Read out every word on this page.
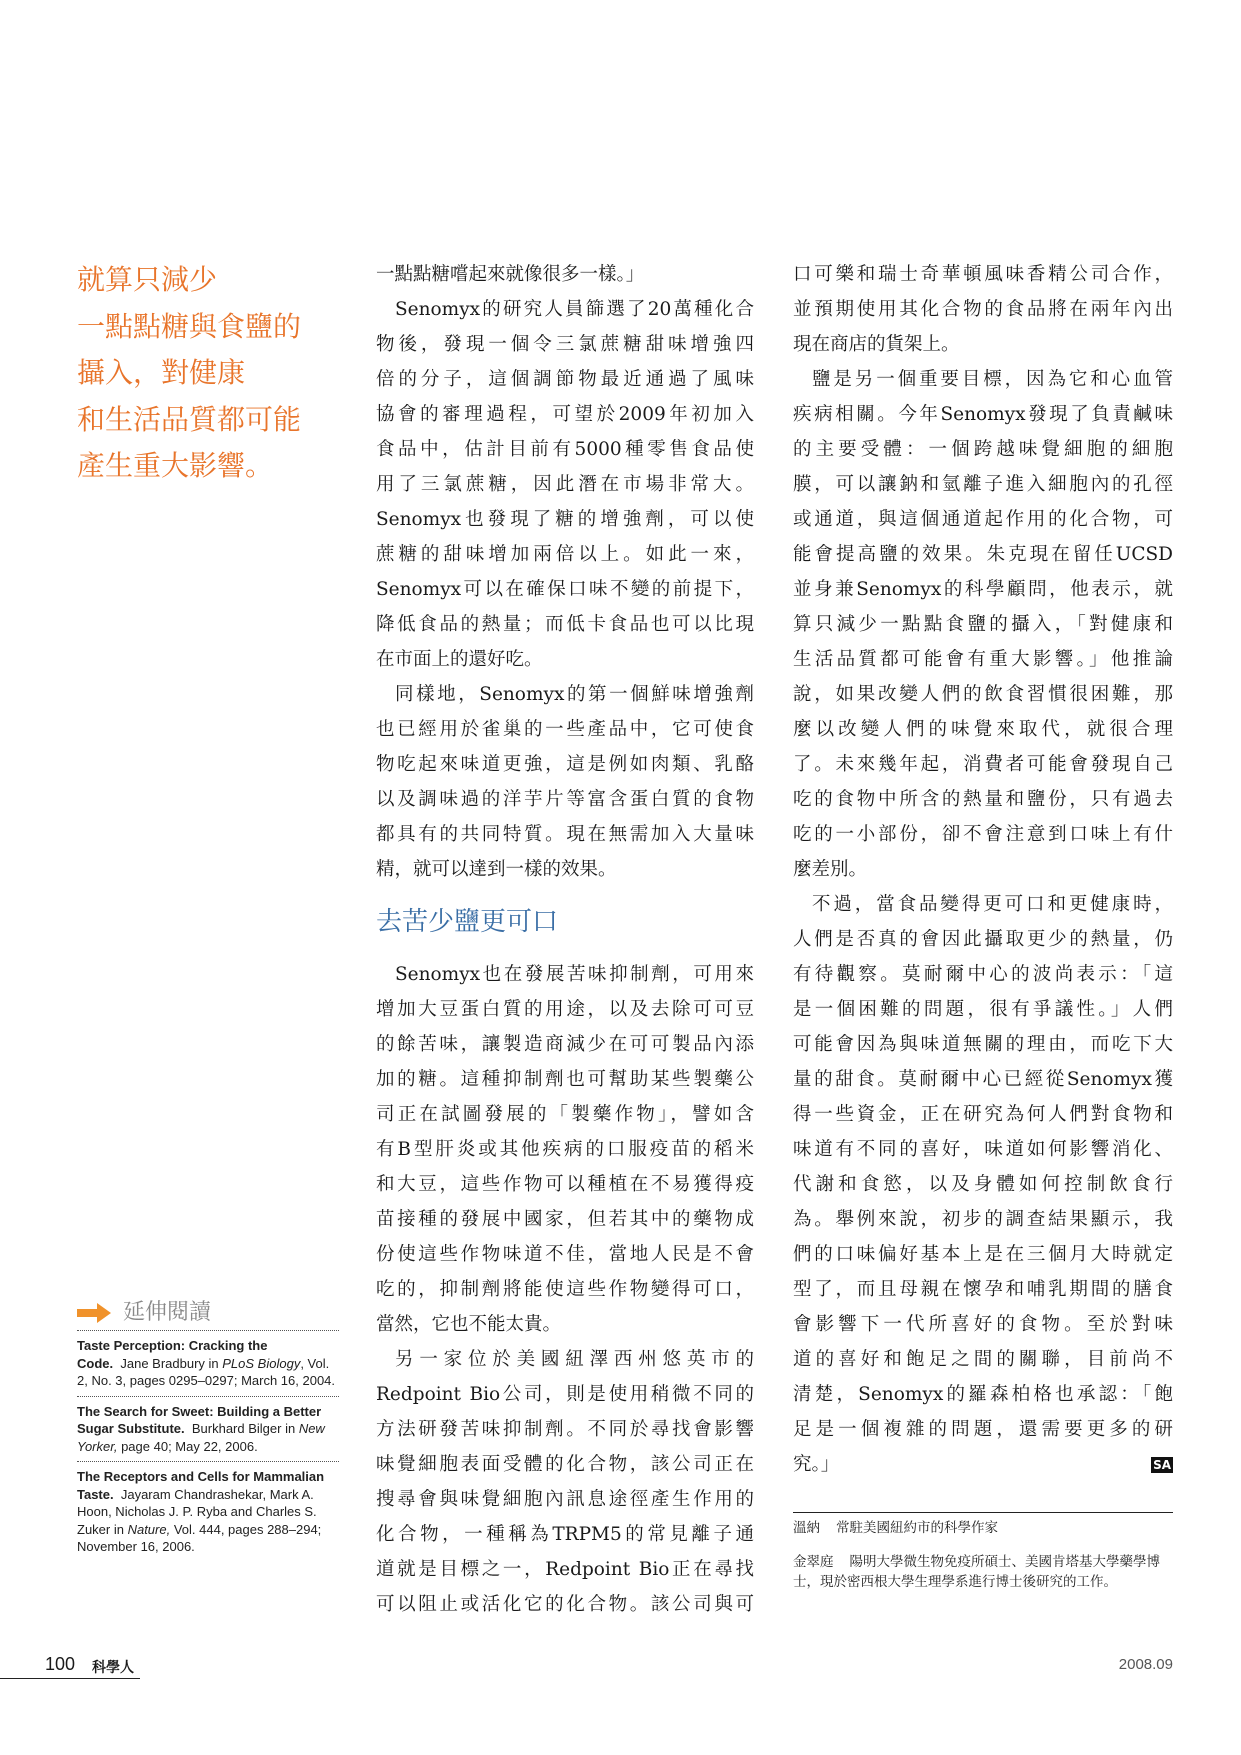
就算只減少
一點點糖與食鹽的
攝入，對健康
和生活品質都可能
產生重大影響。
一點點糖嚐起來就像很多一樣。」
Senomyx的研究人員篩選了20萬種化合
物後，發現一個令三氯蔗糖甜味增強四
倍的分子，這個調節物最近通過了風味
協會的審理過程，可望於2009年初加入
食品中，估計目前有5000種零售食品使
用了三氯蔗糖，因此潛在市場非常大。
Senomyx也發現了糖的增強劑，可以使
蔗糖的甜味增加兩倍以上。如此一來，
Senomyx可以在確保口味不變的前提下，
降低食品的熱量；而低卡食品也可以比現
在市面上的還好吃。
同樣地，Senomyx的第一個鮮味增強劑
也已經用於雀巢的一些產品中，它可使食
物吃起來味道更強，這是例如肉類、乳酪
以及調味過的洋芋片等富含蛋白質的食物
都具有的共同特質。現在無需加入大量味
精，就可以達到一樣的效果。
去苦少鹽更可口
Senomyx也在發展苦味抑制劑，可用來
增加大豆蛋白質的用途，以及去除可可豆
的餘苦味，讓製造商減少在可可製品內添
加的糖。這種抑制劑也可幫助某些製藥公
司正在試圖發展的「製藥作物」，譬如含
有B型肝炎或其他疾病的口服疫苗的稻米
和大豆，這些作物可以種植在不易獲得疫
苗接種的發展中國家，但若其中的藥物成
份使這些作物味道不佳，當地人民是不會
吃的，抑制劑將能使這些作物變得可口，
當然，它也不能太貴。
另一家位於美國紐澤西州悠英市的
Redpoint Bio公司，則是使用稍微不同的
方法研發苦味抑制劑。不同於尋找會影響
味覺細胞表面受體的化合物，該公司正在
搜尋會與味覺細胞內訊息途徑產生作用的
化合物，一種稱為TRPM5的常見離子通
道就是目標之一，Redpoint Bio正在尋找
可以阻止或活化它的化合物。該公司與可
口可樂和瑞士奇華頓風味香精公司合作，
並預期使用其化合物的食品將在兩年內出
現在商店的貨架上。
鹽是另一個重要目標，因為它和心血管
疾病相關。今年Senomyx發現了負責鹹味
的主要受體：一個跨越味覺細胞的細胞
膜，可以讓鈉和氫離子進入細胞內的孔徑
或通道，與這個通道起作用的化合物，可
能會提高鹽的效果。朱克現在留任UCSD
並身兼Senomyx的科學顧問，他表示，就
算只減少一點點食鹽的攝入，「對健康和
生活品質都可能會有重大影響。」他推論
說，如果改變人們的飲食習慣很困難，那
麼以改變人們的味覺來取代，就很合理
了。未來幾年起，消費者可能會發現自己
吃的食物中所含的熱量和鹽份，只有過去
吃的一小部份，卻不會注意到口味上有什
麼差別。
不過，當食品變得更可口和更健康時，
人們是否真的會因此攝取更少的熱量，仍
有待觀察。莫耐爾中心的波尚表示：「這
是一個困難的問題，很有爭議性。」人們
可能會因為與味道無關的理由，而吃下大
量的甜食。莫耐爾中心已經從Senomyx獲
得一些資金，正在研究為何人們對食物和
味道有不同的喜好，味道如何影響消化、
代謝和食慾，以及身體如何控制飲食行
為。舉例來說，初步的調查結果顯示，我
們的口味偏好基本上是在三個月大時就定
型了，而且母親在懷孕和哺乳期間的膳食
會影響下一代所喜好的食物。至於對味
道的喜好和飽足之間的關聯，目前尚不
清楚，Senomyx的羅森柏格也承認：「飽
足是一個複雜的問題，還需要更多的研
究。」	SA
溫納 常駐美國紐約市的科學作家
金翠庭 陽明大學微生物免疫所碩士、美國肯塔基大學藥學博士，現於密西根大學生理學系進行博士後研究的工作。
延伸閱讀
Taste Perception: Cracking the Code. Jane Bradbury in PLoS Biology, Vol. 2, No. 3, pages 0295–0297; March 16, 2004.
The Search for Sweet: Building a Better Sugar Substitute. Burkhard Bilger in New Yorker, page 40; May 22, 2006.
The Receptors and Cells for Mammalian Taste. Jayaram Chandrashekar, Mark A. Hoon, Nicholas J. P. Ryba and Charles S. Zuker in Nature, Vol. 444, pages 288–294; November 16, 2006.
100 科學人	2008.09
